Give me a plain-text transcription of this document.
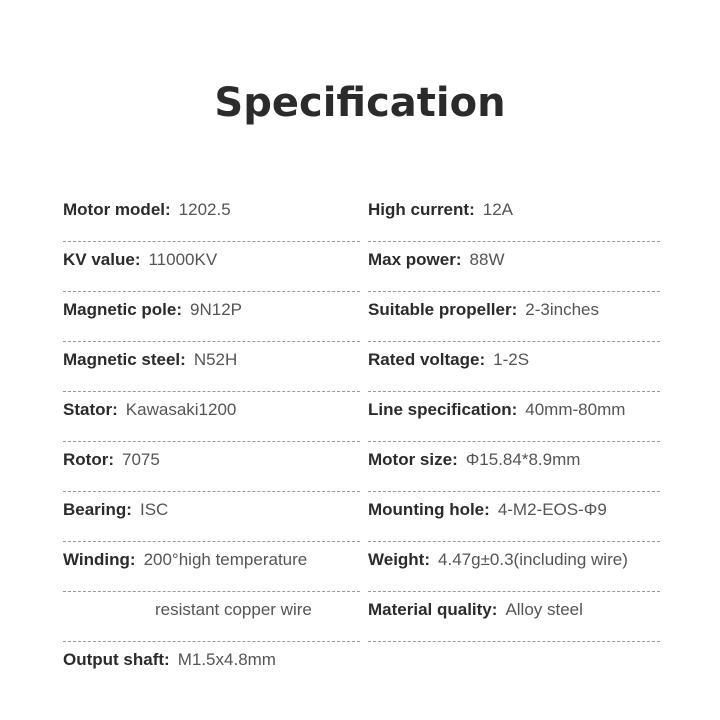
Specification
Motor model: 1202.5
KV value: 11000KV
Magnetic pole: 9N12P
Magnetic steel: N52H
Stator: Kawasaki1200
Rotor: 7075
Bearing: ISC
Winding: 200°high temperature
resistant copper wire
Output shaft: M1.5x4.8mm
High current: 12A
Max power: 88W
Suitable propeller: 2-3inches
Rated voltage: 1-2S
Line specification: 40mm-80mm
Motor size: Φ15.84*8.9mm
Mounting hole: 4-M2-EOS-Φ9
Weight: 4.47g±0.3(including wire)
Material quality: Alloy steel
